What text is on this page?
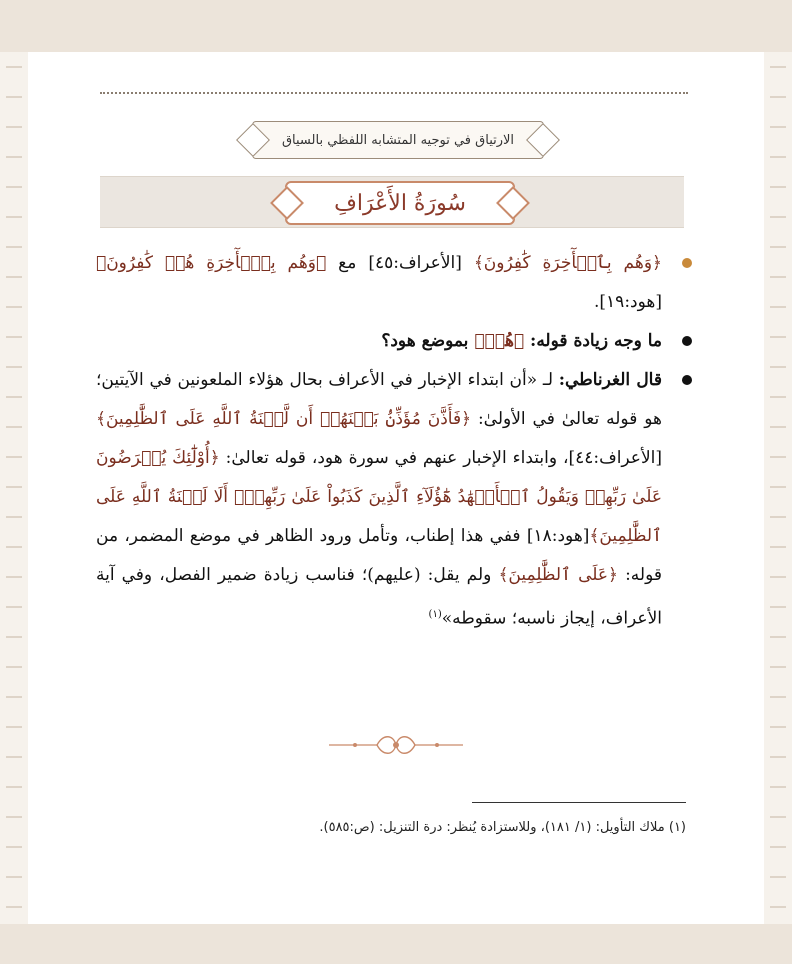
الارتياق في توجيه المتشابه اللفظي بالسياق
سُورَةُ الأَعْرَافِ

﴿وَهُم بِٱلۡأٓخِرَةِ كَٰفِرُونَ﴾ [الأعراف:٤٥] مع ﴿وَهُم بِٱلۡأٓخِرَةِ هُمۡ كَٰفِرُونَ﴾ [هود:١٩].

ما وجه زيادة قوله: ﴿هُمۡ﴾ بموضع هود؟

قال الغرناطي: لـ «أن ابتداء الإخبار في الأعراف بحال هؤلاء الملعونين في الآيتين؛ هو قوله تعالىٰ في الأولىٰ: ﴿فَأَذَّنَ مُؤَذِّنُۢ بَيۡنَهُمۡ أَن لَّعۡنَةُ ٱللَّهِ عَلَى ٱلظَّٰلِمِينَ﴾[الأعراف:٤٤]، وابتداء الإخبار عنهم في سورة هود، قوله تعالىٰ: ﴿أُوْلَٰٓئِكَ يُعۡرَضُونَ عَلَىٰ رَبِّهِمۡ وَيَقُولُ ٱلۡأَشۡهَٰدُ هَٰٓؤُلَآءِ ٱلَّذِينَ كَذَبُواْ عَلَىٰ رَبِّهِمۡۚ أَلَا لَعۡنَةُ ٱللَّهِ عَلَى ٱلظَّٰلِمِينَ﴾[هود:١٨] ففي هذا إطناب، وتأمل ورود الظاهر في موضع المضمر، من قوله: ﴿عَلَى ٱلظَّٰلِمِينَ﴾ ولم يقل: (عليهم)؛ فناسب زيادة ضمير الفصل، وفي آية الأعراف، إيجاز ناسبه؛ سقوطه»$^{(١)}$

(١) ملاك التأويل: (١/ ١٨١)، وللاستزادة يُنظر: درة التنزيل: (ص:٥٨٥).
